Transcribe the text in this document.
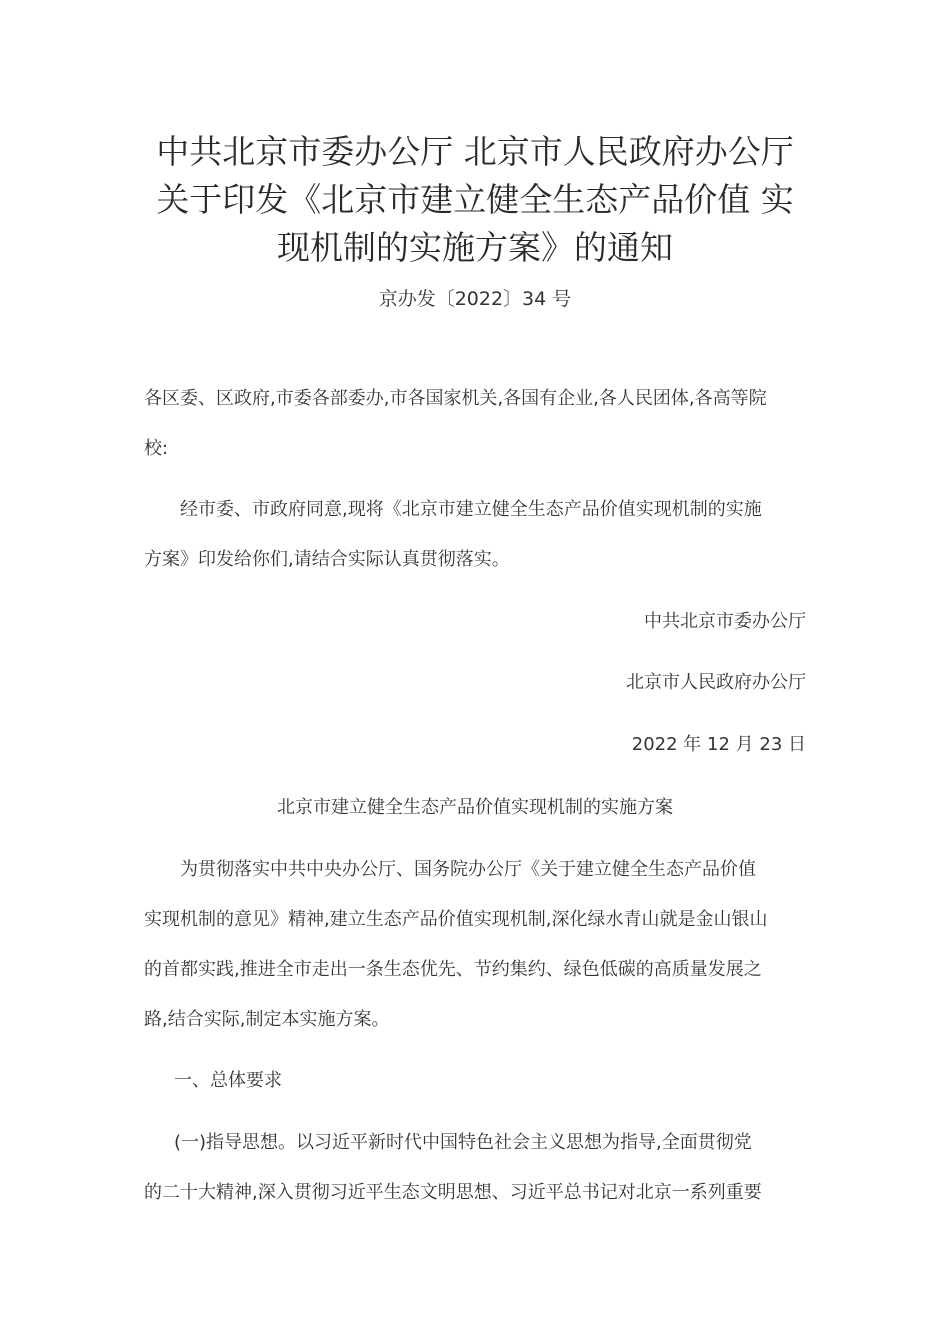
中共北京市委办公厅 北京市人民政府办公厅
关于印发《北京市建立健全生态产品价值 实
现机制的实施方案》的通知
京办发〔2022〕34 号
各区委、区政府,市委各部委办,市各国家机关,各国有企业,各人民团体,各高等院
校:
经市委、市政府同意,现将《北京市建立健全生态产品价值实现机制的实施
方案》印发给你们,请结合实际认真贯彻落实。
中共北京市委办公厅
北京市人民政府办公厅
2022 年 12 月 23 日
北京市建立健全生态产品价值实现机制的实施方案
为贯彻落实中共中央办公厅、国务院办公厅《关于建立健全生态产品价值
实现机制的意见》精神,建立生态产品价值实现机制,深化绿水青山就是金山银山
的首都实践,推进全市走出一条生态优先、节约集约、绿色低碳的高质量发展之
路,结合实际,制定本实施方案。
一、总体要求
(一)指导思想。以习近平新时代中国特色社会主义思想为指导,全面贯彻党
的二十大精神,深入贯彻习近平生态文明思想、习近平总书记对北京一系列重要
